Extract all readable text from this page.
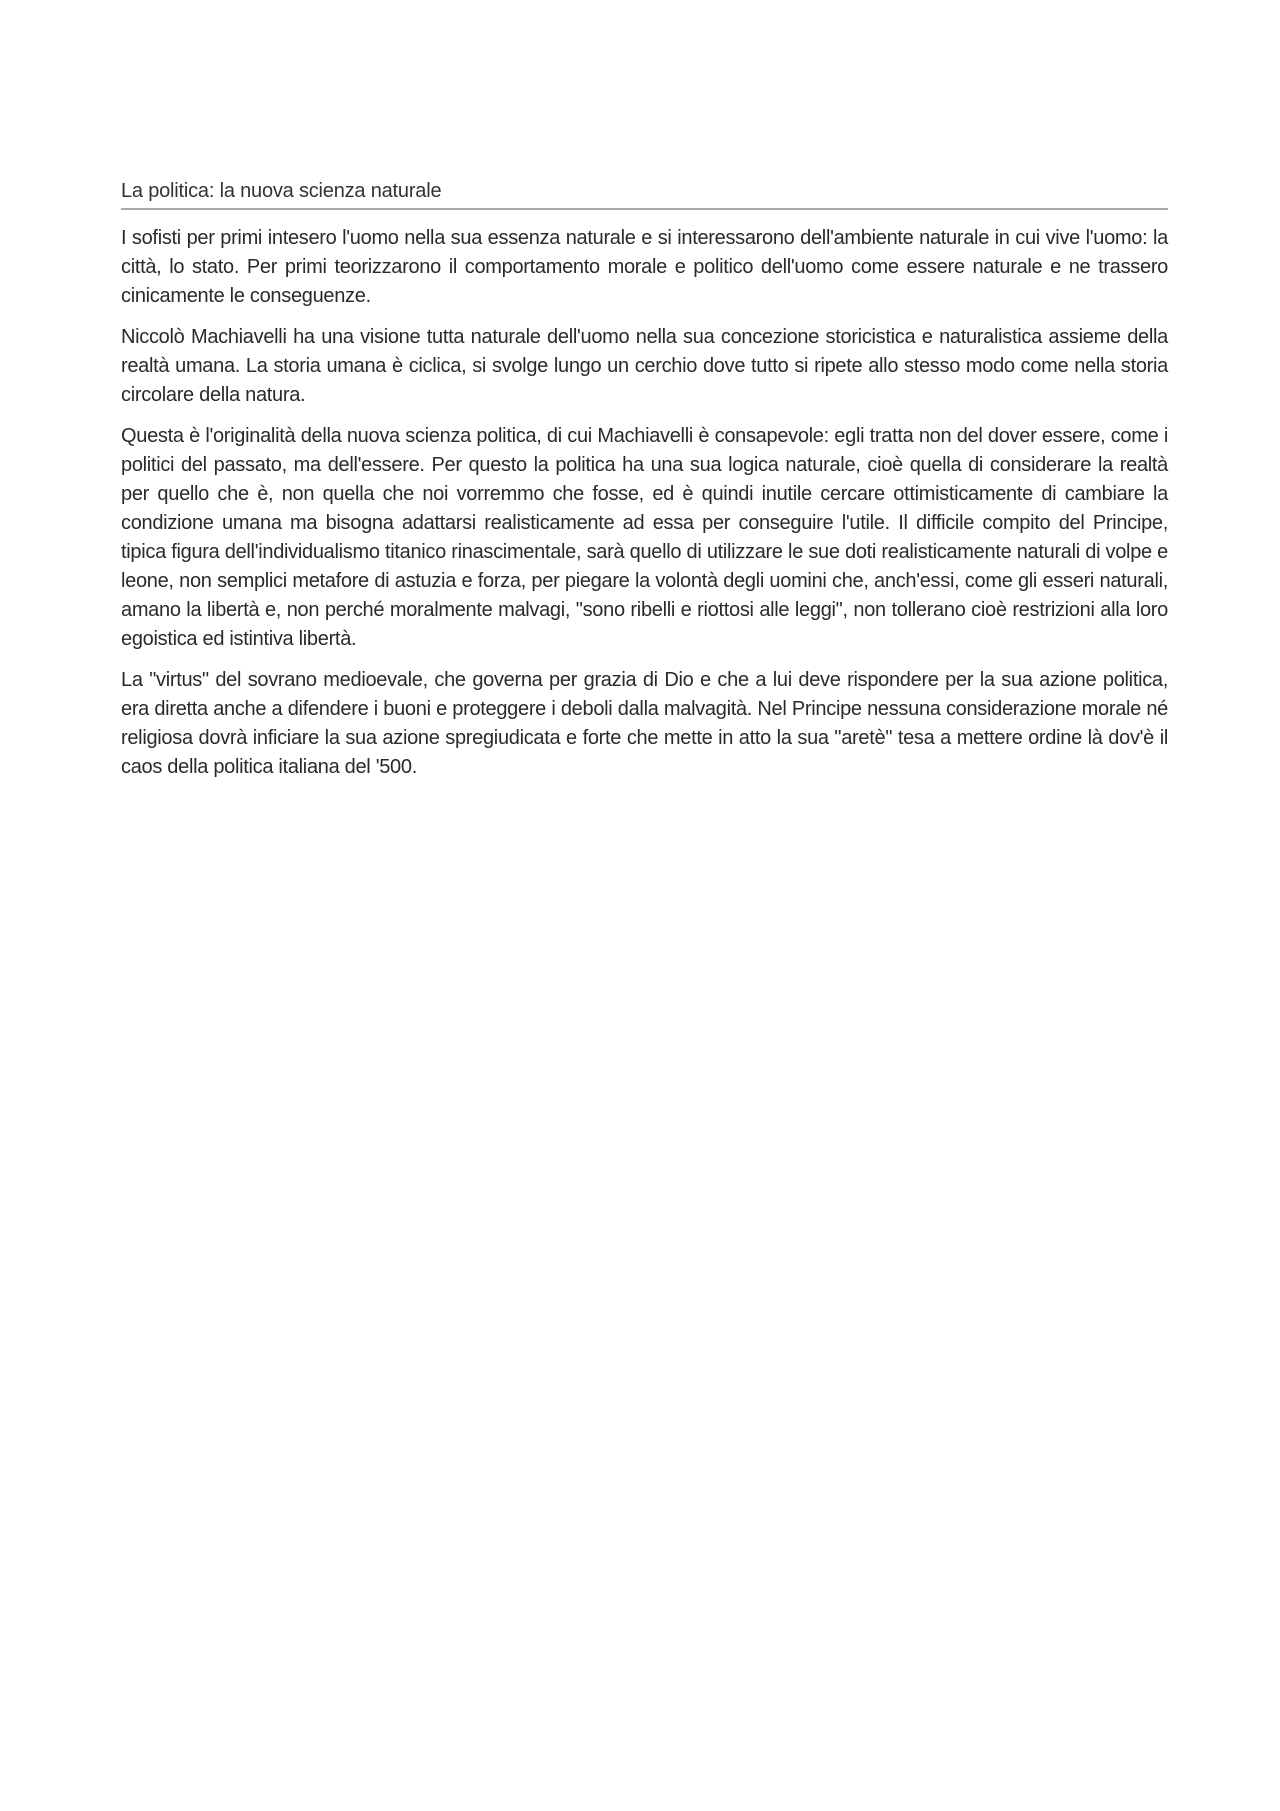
La politica: la nuova scienza naturale

I sofisti per primi intesero l'uomo nella sua essenza naturale e si interessarono dell'ambiente naturale in cui vive l'uomo: la città, lo stato. Per primi teorizzarono il comportamento morale e politico dell'uomo come essere naturale e ne trassero cinicamente le conseguenze.

Niccolò Machiavelli ha una visione tutta naturale dell'uomo nella sua concezione storicistica e naturalistica assieme della realtà umana. La storia umana è ciclica, si svolge lungo un cerchio dove tutto si ripete allo stesso modo come nella storia circolare della natura.

Questa è l'originalità della nuova scienza politica, di cui Machiavelli è consapevole: egli tratta non del dover essere, come i politici del passato, ma dell'essere. Per questo la politica ha una sua logica naturale, cioè quella di considerare la realtà per quello che è, non quella che noi vorremmo che fosse, ed è quindi inutile cercare ottimisticamente di cambiare la condizione umana ma bisogna adattarsi realisticamente ad essa per conseguire l'utile. Il difficile compito del Principe, tipica figura dell'individualismo titanico rinascimentale, sarà quello di utilizzare le sue doti realisticamente naturali di volpe e leone, non semplici metafore di astuzia e forza, per piegare la volontà degli uomini che, anch'essi, come gli esseri naturali, amano la libertà e, non perché moralmente malvagi, "sono ribelli e riottosi alle leggi", non tollerano cioè restrizioni alla loro egoistica ed istintiva libertà.

La "virtus" del sovrano medioevale, che governa per grazia di Dio e che a lui deve rispondere per la sua azione politica, era diretta anche a difendere i buoni e proteggere i deboli dalla malvagità. Nel Principe nessuna considerazione morale né religiosa dovrà inficiare la sua azione spregiudicata e forte che mette in atto la sua "aretè" tesa a mettere ordine là dov'è il caos della politica italiana del '500.
